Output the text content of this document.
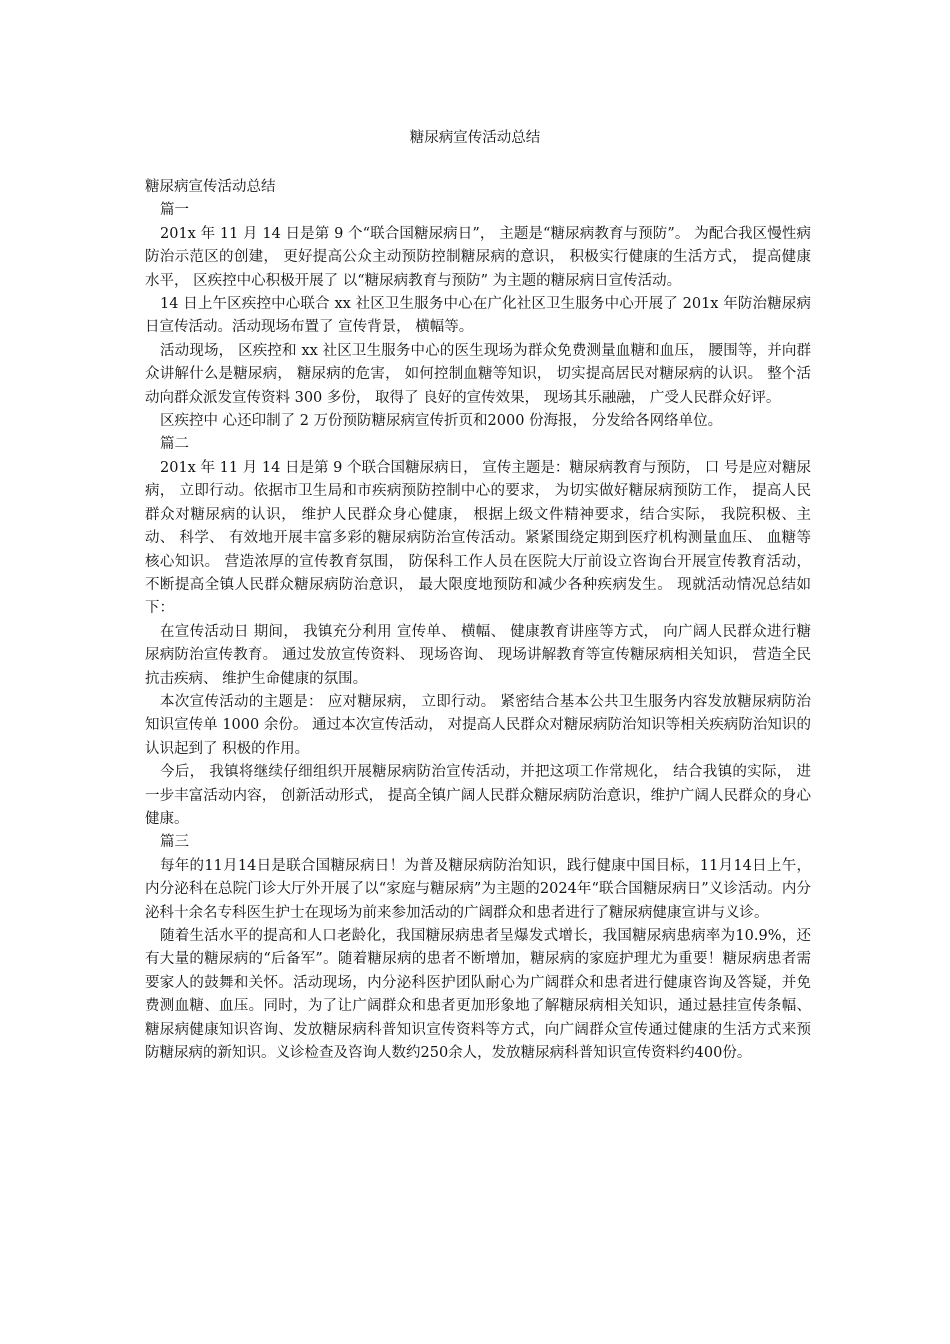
糖尿病宣传活动总结

糖尿病宣传活动总结

篇一

201x 年 11 月 14 日是第 9 个“联合国糖尿病日”， 主题是“糖尿病教育与预防”。 为配合我区慢性病防治示范区的创建， 更好提高公众主动预防控制糖尿病的意识， 积极实行健康的生活方式， 提高健康水平， 区疾控中心积极开展了 以“糖尿病教育与预防” 为主题的糖尿病日宣传活动。

14 日上午区疾控中心联合 xx 社区卫生服务中心在广化社区卫生服务中心开展了 201x 年防治糖尿病日宣传活动。活动现场布置了 宣传背景， 横幅等。

活动现场， 区疾控和 xx 社区卫生服务中心的医生现场为群众免费测量血糖和血压， 腰围等，并向群众讲解什么是糖尿病， 糖尿病的危害， 如何控制血糖等知识， 切实提高居民对糖尿病的认识。 整个活动向群众派发宣传资料 300 多份， 取得了 良好的宣传效果， 现场其乐融融， 广受人民群众好评。

区疾控中 心还印制了 2 万份预防糖尿病宣传折页和2000 份海报， 分发给各网络单位。

篇二

201x 年 11 月 14 日是第 9 个联合国糖尿病日， 宣传主题是：糖尿病教育与预防， 口 号是应对糖尿病， 立即行动。依据市卫生局和市疾病预防控制中心的要求， 为切实做好糖尿病预防工作， 提高人民群众对糖尿病的认识， 维护人民群众身心健康， 根据上级文件精神要求，结合实际， 我院积极、主动、 科学、 有效地开展丰富多彩的糖尿病防治宣传活动。紧紧围绕定期到医疗机构测量血压、 血糖等核心知识。 营造浓厚的宣传教育氛围， 防保科工作人员在医院大厅前设立咨询台开展宣传教育活动， 不断提高全镇人民群众糖尿病防治意识， 最大限度地预防和减少各种疾病发生。 现就活动情况总结如下：

在宣传活动日 期间， 我镇充分利用 宣传单、 横幅、 健康教育讲座等方式， 向广阔人民群众进行糖尿病防治宣传教育。 通过发放宣传资料、 现场咨询、 现场讲解教育等宣传糖尿病相关知识， 营造全民抗击疾病、 维护生命健康的氛围。

本次宣传活动的主题是： 应对糖尿病， 立即行动。 紧密结合基本公共卫生服务内容发放糖尿病防治知识宣传单 1000 余份。 通过本次宣传活动， 对提高人民群众对糖尿病防治知识等相关疾病防治知识的认识起到了 积极的作用。

今后， 我镇将继续仔细组织开展糖尿病防治宣传活动，并把这项工作常规化， 结合我镇的实际， 进一步丰富活动内容， 创新活动形式， 提高全镇广阔人民群众糖尿病防治意识，维护广阔人民群众的身心健康。

篇三

每年的11月14日是联合国糖尿病日！为普及糖尿病防治知识，践行健康中国目标，11月14日上午，内分泌科在总院门诊大厅外开展了以“家庭与糖尿病”为主题的2024年“联合国糖尿病日”义诊活动。内分泌科十余名专科医生护士在现场为前来参加活动的广阔群众和患者进行了糖尿病健康宣讲与义诊。

随着生活水平的提高和人口老龄化，我国糖尿病患者呈爆发式增长，我国糖尿病患病率为10.9%，还有大量的糖尿病的“后备军”。随着糖尿病的患者不断增加，糖尿病的家庭护理尤为重要！糖尿病患者需要家人的鼓舞和关怀。活动现场，内分泌科医护团队耐心为广阔群众和患者进行健康咨询及答疑，并免费测血糖、血压。同时，为了让广阔群众和患者更加形象地了解糖尿病相关知识，通过悬挂宣传条幅、糖尿病健康知识咨询、发放糖尿病科普知识宣传资料等方式，向广阔群众宣传通过健康的生活方式来预防糖尿病的新知识。义诊检查及咨询人数约250余人，发放糖尿病科普知识宣传资料约400份。
